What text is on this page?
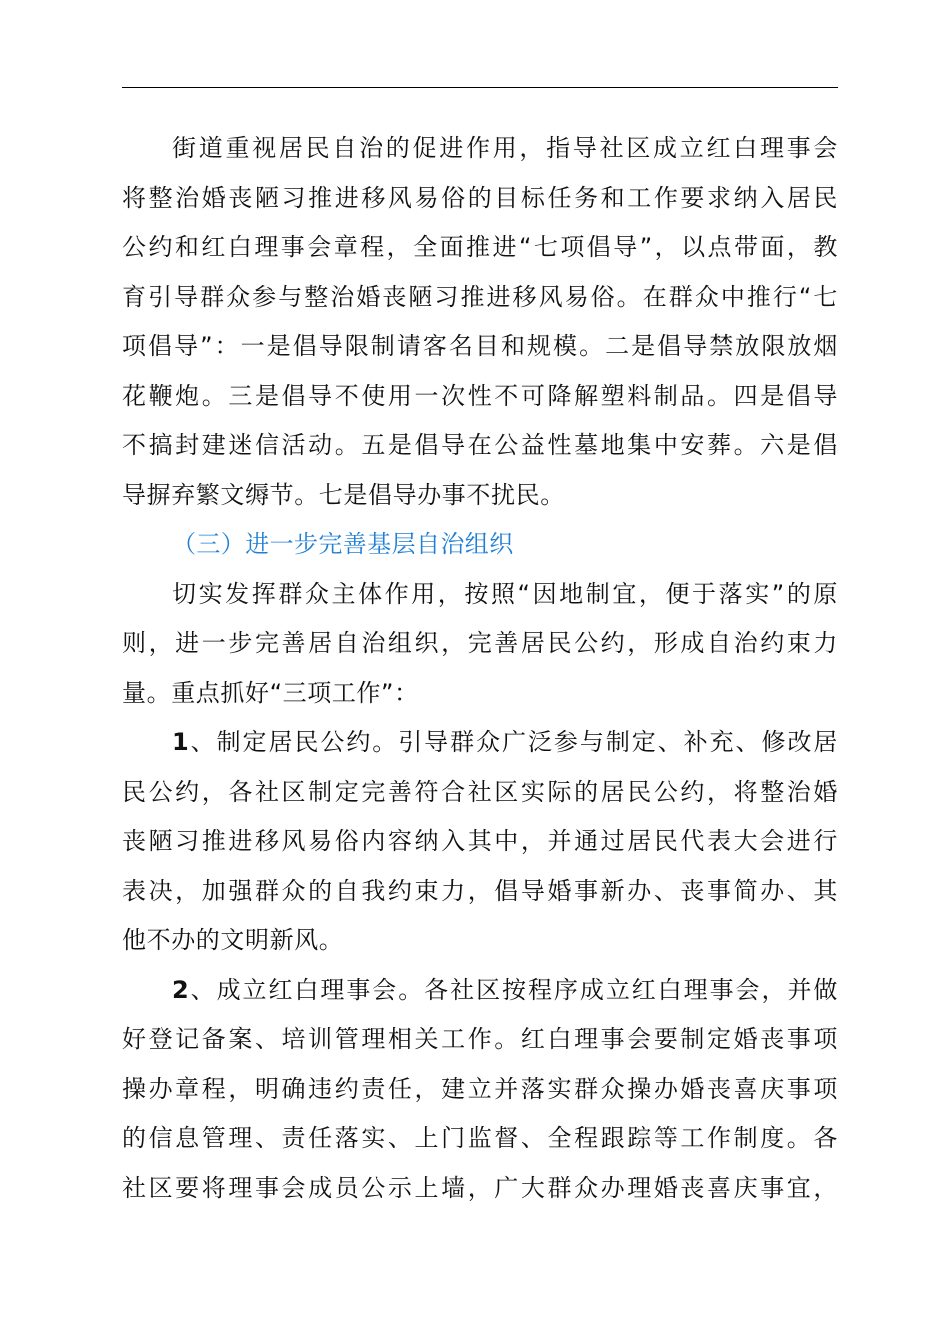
街道重视居民自治的促进作用，指导社区成立红白理事会
将整治婚丧陋习推进移风易俗的目标任务和工作要求纳入居民
公约和红白理事会章程，全面推进“七项倡导”，以点带面，教
育引导群众参与整治婚丧陋习推进移风易俗。在群众中推行“七
项倡导”：一是倡导限制请客名目和规模。二是倡导禁放限放烟
花鞭炮。三是倡导不使用一次性不可降解塑料制品。四是倡导
不搞封建迷信活动。五是倡导在公益性墓地集中安葬。六是倡
导摒弃繁文缛节。七是倡导办事不扰民。
（三）进一步完善基层自治组织
切实发挥群众主体作用，按照“因地制宜，便于落实”的原
则，进一步完善居自治组织，完善居民公约，形成自治约束力
量。重点抓好“三项工作”：
1、制定居民公约。引导群众广泛参与制定、补充、修改居
民公约，各社区制定完善符合社区实际的居民公约，将整治婚
丧陋习推进移风易俗内容纳入其中，并通过居民代表大会进行
表决，加强群众的自我约束力，倡导婚事新办、丧事简办、其
他不办的文明新风。
2、成立红白理事会。各社区按程序成立红白理事会，并做
好登记备案、培训管理相关工作。红白理事会要制定婚丧事项
操办章程，明确违约责任，建立并落实群众操办婚丧喜庆事项
的信息管理、责任落实、上门监督、全程跟踪等工作制度。各
社区要将理事会成员公示上墙，广大群众办理婚丧喜庆事宜，
